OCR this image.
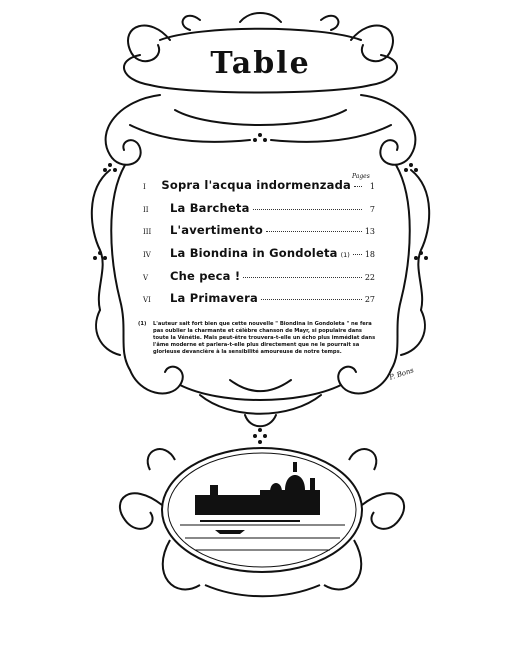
Table
Pages
I	Sopra l'acqua indormenzada	1
II	La Barcheta	7
III	L'avertimento	13
IV	La Biondina in Gondoleta (1) 18
V	Che peca !	22
VI	La Primavera	27
(1)	L'auteur sait fort bien que cette nouvelle " Biondina in Gondoleta " ne fera pas oublier la charmante et célèbre chanson de Mayr, si populaire dans toute la Vénétie. Mais peut-être trouvera-t-elle un écho plus immédiat dans l'âme moderne et parlera-t-elle plus directement que ne le pourrait sa glorieuse devancière à la sensibilité amoureuse de notre temps.
P. Bons
